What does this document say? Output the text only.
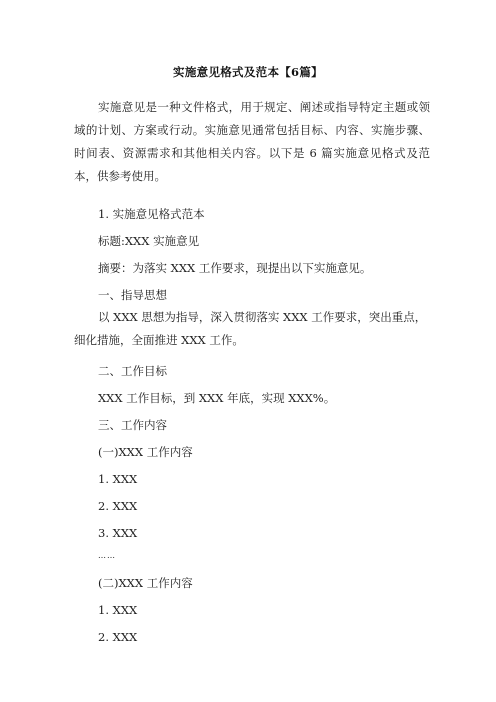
实施意见格式及范本【6篇】

实施意见是一种文件格式，用于规定、阐述或指导特定主题或领域的计划、方案或行动。实施意见通常包括目标、内容、实施步骤、时间表、资源需求和其他相关内容。以下是 6 篇实施意见格式及范本，供参考使用。

1. 实施意见格式范本

标题:XXX 实施意见

摘要：为落实 XXX 工作要求，现提出以下实施意见。

一、指导思想

以 XXX 思想为指导，深入贯彻落实 XXX 工作要求，突出重点，细化措施，全面推进 XXX 工作。

二、工作目标

XXX 工作目标，到 XXX 年底，实现 XXX%。

三、工作内容

(一)XXX 工作内容

1. XXX

2. XXX

3. XXX

……

(二)XXX 工作内容

1. XXX

2. XXX
